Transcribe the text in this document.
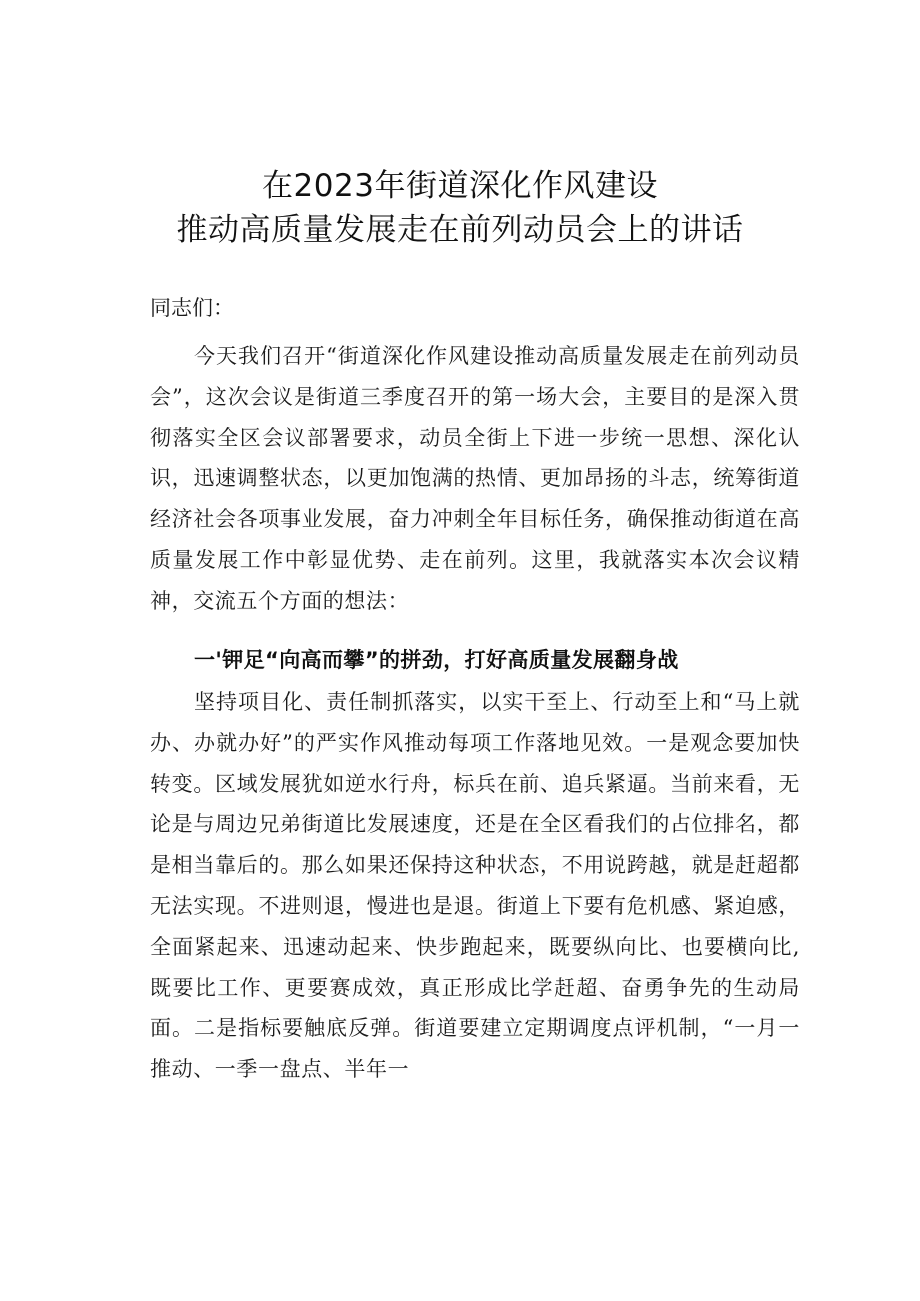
在2023年街道深化作风建设
推动高质量发展走在前列动员会上的讲话
同志们：
今天我们召开“街道深化作风建设推动高质量发展走在前列动员会”，这次会议是街道三季度召开的第一场大会，主要目的是深入贯彻落实全区会议部署要求，动员全街上下进一步统一思想、深化认识，迅速调整状态，以更加饱满的热情、更加昂扬的斗志，统筹街道经济社会各项事业发展，奋力冲刺全年目标任务，确保推动街道在高质量发展工作中彰显优势、走在前列。这里，我就落实本次会议精神，交流五个方面的想法：
一'钾足“向高而攀”的拼劲，打好高质量发展翻身战
坚持项目化、责任制抓落实，以实干至上、行动至上和“马上就办、办就办好”的严实作风推动每项工作落地见效。一是观念要加快转变。区域发展犹如逆水行舟，标兵在前、追兵紧逼。当前来看，无论是与周边兄弟街道比发展速度，还是在全区看我们的占位排名，都是相当靠后的。那么如果还保持这种状态，不用说跨越，就是赶超都无法实现。不进则退，慢进也是退。街道上下要有危机感、紧迫感，全面紧起来、迅速动起来、快步跑起来，既要纵向比、也要横向比,既要比工作、更要赛成效，真正形成比学赶超、奋勇争先的生动局面。二是指标要触底反弹。街道要建立定期调度点评机制，“一月一推动、一季一盘点、半年一
